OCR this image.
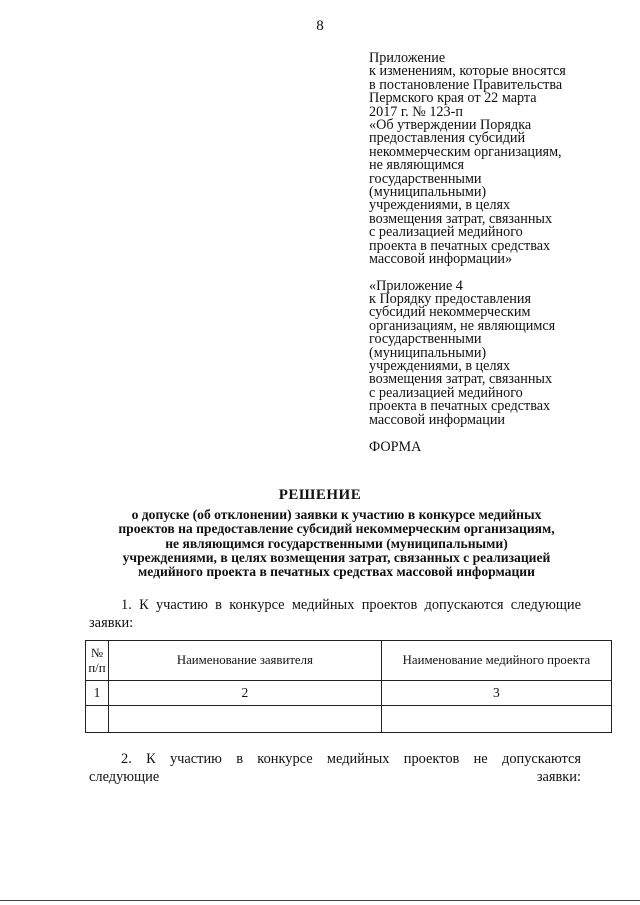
8

Приложение

к изменениям, которые вносятся

в постановление Правительства

Пермского края от 22 марта

2017 г. № 123-п

«Об утверждении Порядка

предоставления субсидий

некоммерческим организациям,

не являющимся

государственными

(муниципальными)

учреждениями, в целях

возмещения затрат, связанных

с реализацией медийного

проекта в печатных средствах

массовой информации»

«Приложение 4

к Порядку предоставления

субсидий некоммерческим

организациям, не являющимся

государственными

(муниципальными)

учреждениями, в целях

возмещения затрат, связанных

с реализацией медийного

проекта в печатных средствах

массовой информации

ФОРМА

РЕШЕНИЕ
о допуске (об отклонении) заявки к участию в конкурсе медийных
проектов на предоставление субсидий некоммерческим организациям,
не являющимся государственными (муниципальными)
учреждениями, в целях возмещения затрат, связанных с реализацией
медийного проекта в печатных средствах массовой информации
1. К участию в конкурсе медийных проектов допускаются следующие заявки:
№ п/п	Наименование заявителя	Наименование медийного проекта
1	2	3

2. К участию в конкурсе медийных проектов не допускаются
следующие заявки:
